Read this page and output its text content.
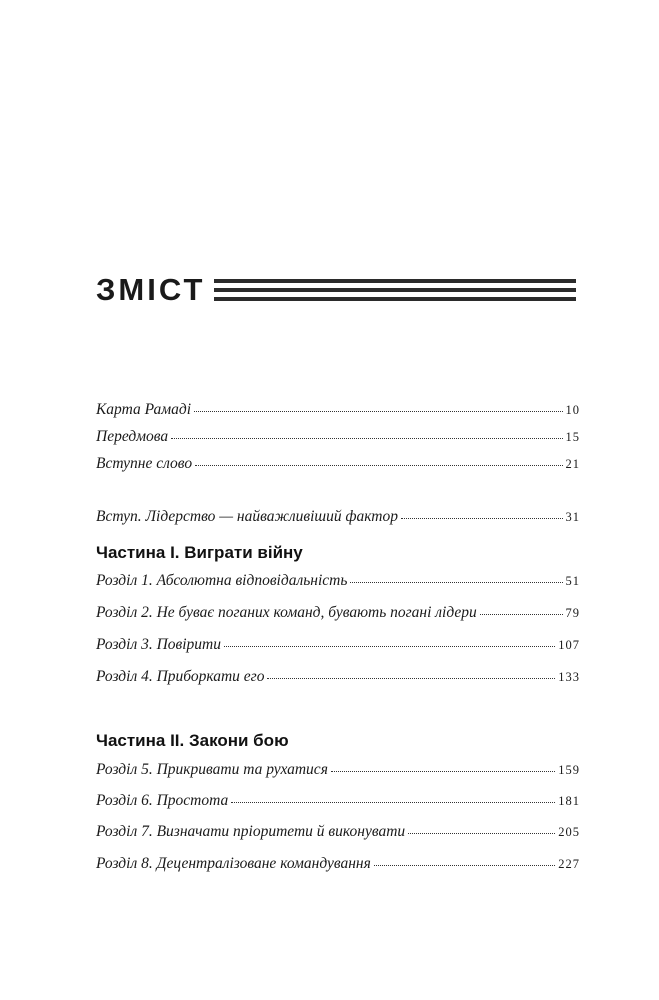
ЗМІСТ
Карта Рамаді	10
Передмова	15
Вступне слово	21
Вступ. Лідерство — найважливіший фактор	31
Частина І. Виграти війну
Розділ 1. Абсолютна відповідальність	51
Розділ 2. Не буває поганих команд, бувають погані лідери	79
Розділ 3. Повірити	107
Розділ 4. Приборкати его	133
Частина ІІ. Закони бою
Розділ 5. Прикривати та рухатися	159
Розділ 6. Простота	181
Розділ 7. Визначати пріоритети й виконувати	205
Розділ 8. Децентралізоване командування	227
